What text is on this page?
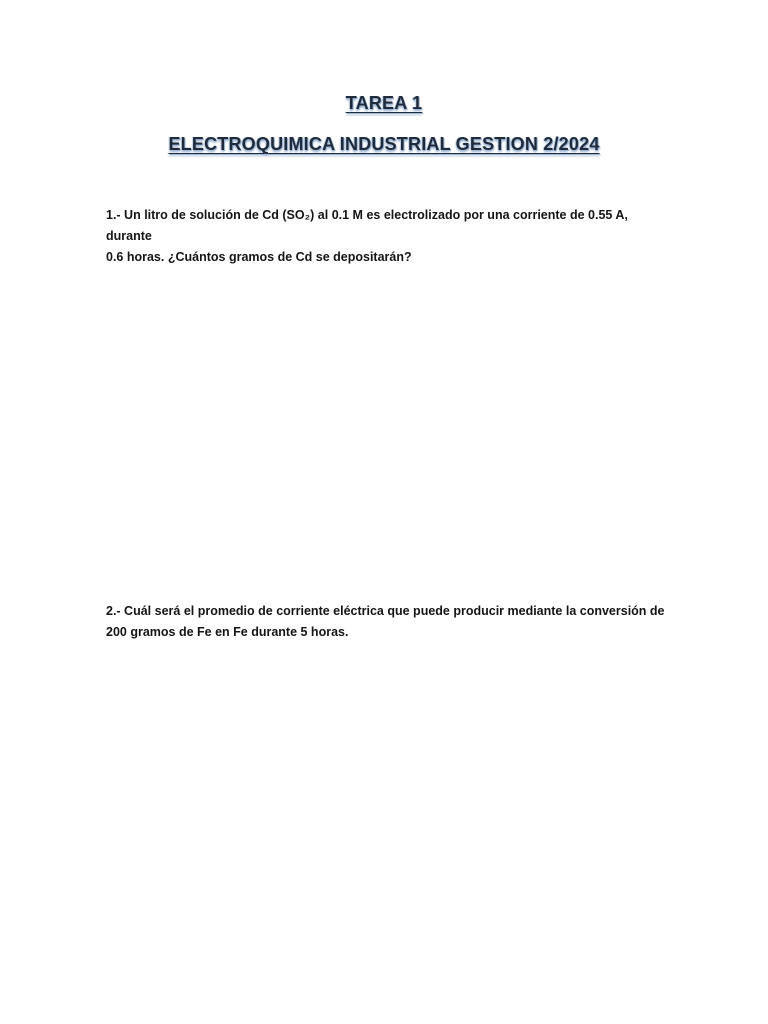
TAREA 1
ELECTROQUIMICA INDUSTRIAL GESTION 2/2024
1.- Un litro de solución de Cd (SO₂) al 0.1 M es electrolizado por una corriente de 0.55 A, durante
0.6 horas. ¿Cuántos gramos de Cd se depositarán?
2.- Cuál será el promedio de corriente eléctrica que puede producir mediante la conversión de
200 gramos de Fe en Fe durante 5 horas.
